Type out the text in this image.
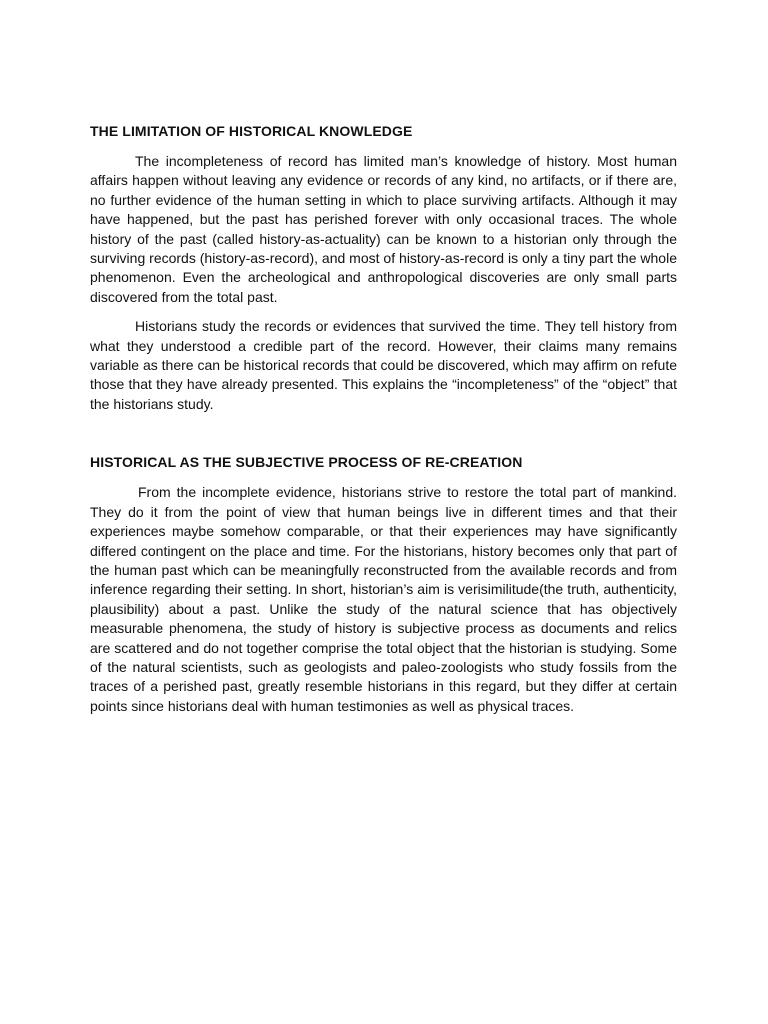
THE LIMITATION OF HISTORICAL KNOWLEDGE

The incompleteness of record has limited man’s knowledge of history. Most human affairs happen without leaving any evidence or records of any kind, no artifacts, or if there are, no further evidence of the human setting in which to place surviving artifacts. Although it may have happened, but the past has perished forever with only occasional traces. The whole history of the past (called history-as-actuality) can be known to a historian only through the surviving records (history-as-record), and most of history-as-record is only a tiny part the whole phenomenon. Even the archeological and anthropological discoveries are only small parts discovered from the total past.

Historians study the records or evidences that survived the time. They tell history from what they understood a credible part of the record. However, their claims many remains variable as there can be historical records that could be discovered, which may affirm on refute those that they have already presented. This explains the “incompleteness” of the “object” that the historians study.

HISTORICAL AS THE SUBJECTIVE PROCESS OF RE-CREATION

From the incomplete evidence, historians strive to restore the total part of mankind. They do it from the point of view that human beings live in different times and that their experiences maybe somehow comparable, or that their experiences may have significantly differed contingent on the place and time. For the historians, history becomes only that part of the human past which can be meaningfully reconstructed from the available records and from inference regarding their setting. In short, historian’s aim is verisimilitude(the truth, authenticity, plausibility) about a past. Unlike the study of the natural science that has objectively measurable phenomena, the study of history is subjective process as documents and relics are scattered and do not together comprise the total object that the historian is studying. Some of the natural scientists, such as geologists and paleo-zoologists who study fossils from the traces of a perished past, greatly resemble historians in this regard, but they differ at certain points since historians deal with human testimonies as well as physical traces.
